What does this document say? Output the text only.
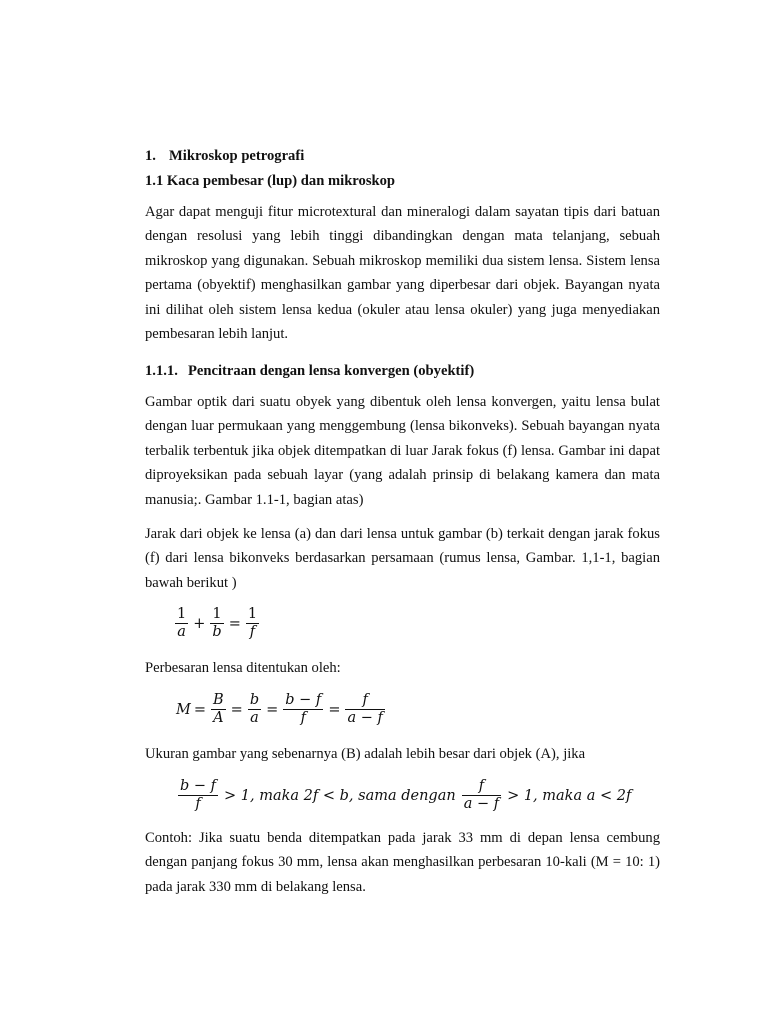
1. Mikroskop petrografi
1.1 Kaca pembesar (lup) dan mikroskop

Agar dapat menguji fitur microtextural dan mineralogi dalam sayatan tipis dari batuan dengan resolusi yang lebih tinggi dibandingkan dengan mata telanjang, sebuah mikroskop yang digunakan. Sebuah mikroskop memiliki dua sistem lensa. Sistem lensa pertama (obyektif) menghasilkan gambar yang diperbesar dari objek. Bayangan nyata ini dilihat oleh sistem lensa kedua (okuler atau lensa okuler) yang juga menyediakan pembesaran lebih lanjut.

1.1.1. Pencitraan dengan lensa konvergen (obyektif)

Gambar optik dari suatu obyek yang dibentuk oleh lensa konvergen, yaitu lensa bulat dengan luar permukaan yang menggembung (lensa bikonveks). Sebuah bayangan nyata terbalik terbentuk jika objek ditempatkan di luar Jarak fokus (f) lensa. Gambar ini dapat diproyeksikan pada sebuah layar (yang adalah prinsip di belakang kamera dan mata manusia;. Gambar 1.1-1, bagian atas)

Jarak dari objek ke lensa (a) dan dari lensa untuk gambar (b) terkait dengan jarak fokus (f) dari lensa bikonveks berdasarkan persamaan (rumus lensa, Gambar. 1,1-1, bagian bawah berikut )

$\frac{1}{a} + \frac{1}{b} = \frac{1}{f}$

Perbesaran lensa ditentukan oleh:

$M = \frac{B}{A} = \frac{b}{a} = \frac{b - f}{f} = \frac{f}{a - f}$

Ukuran gambar yang sebenarnya (B) adalah lebih besar dari objek (A), jika

$\frac{b - f}{f} > 1$, maka 2f < b, sama dengan $\frac{f}{a - f} > 1$, maka a < 2f

Contoh: Jika suatu benda ditempatkan pada jarak 33 mm di depan lensa cembung dengan panjang fokus 30 mm, lensa akan menghasilkan perbesaran 10-kali (M = 10: 1) pada jarak 330 mm di belakang lensa.
